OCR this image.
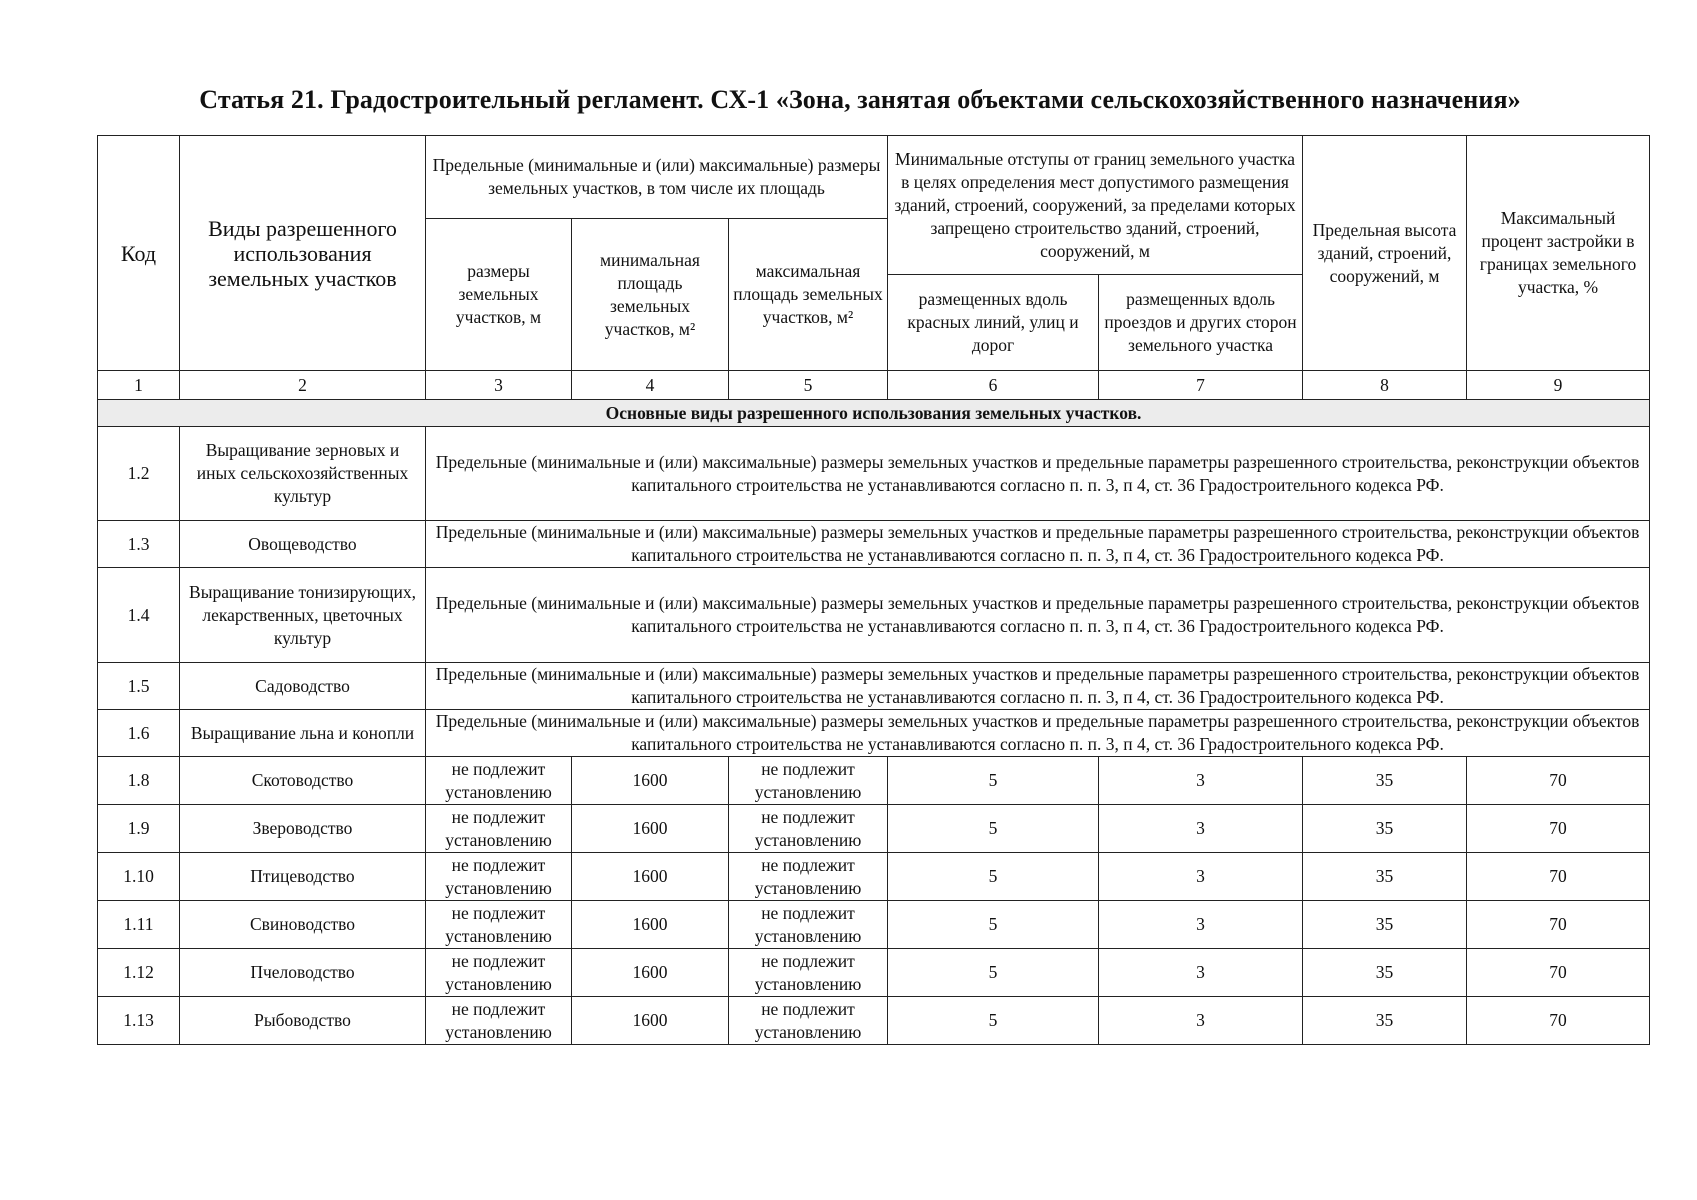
Статья 21. Градостроительный регламент. СХ-1 «Зона, занятая объектами сельскохозяйственного назначения»
Код	Виды разрешенного использования земельных участков	Предельные (минимальные и (или) максимальные) размеры земельных участков, в том числе их площадь			Минимальные отступы от границ земельного участка в целях определения мест допустимого размещения зданий, строений, сооружений, за пределами которых запрещено строительство зданий, строений, сооружений, м		Предельная высота зданий, строений, сооружений, м	Максимальный процент застройки в границах земельного участка, %
		размеры земельных участков, м	минимальная площадь земельных участков, м²	максимальная площадь земельных участков, м²				
					размещенных вдоль красных линий, улиц и дорог	размещенных вдоль проездов и других сторон земельного участка		
1	2	3	4	5	6	7	8	9
Основные виды разрешенного использования земельных участков.								
1.2	Выращивание зерновых и иных сельскохозяйственных культур	Предельные (минимальные и (или) максимальные) размеры земельных участков и предельные параметры разрешенного строительства, реконструкции объектов капитального строительства не устанавливаются согласно п. п. 3, п 4, ст. 36 Градостроительного кодекса РФ.						
1.3	Овощеводство	Предельные (минимальные и (или) максимальные) размеры земельных участков и предельные параметры разрешенного строительства, реконструкции объектов капитального строительства не устанавливаются согласно п. п. 3, п 4, ст. 36 Градостроительного кодекса РФ.						
1.4	Выращивание тонизирующих, лекарственных, цветочных культур	Предельные (минимальные и (или) максимальные) размеры земельных участков и предельные параметры разрешенного строительства, реконструкции объектов капитального строительства не устанавливаются согласно п. п. 3, п 4, ст. 36 Градостроительного кодекса РФ.						
1.5	Садоводство	Предельные (минимальные и (или) максимальные) размеры земельных участков и предельные параметры разрешенного строительства, реконструкции объектов капитального строительства не устанавливаются согласно п. п. 3, п 4, ст. 36 Градостроительного кодекса РФ.						
1.6	Выращивание льна и конопли	Предельные (минимальные и (или) максимальные) размеры земельных участков и предельные параметры разрешенного строительства, реконструкции объектов капитального строительства не устанавливаются согласно п. п. 3, п 4, ст. 36 Градостроительного кодекса РФ.						
1.8	Скотоводство	не подлежит установлению	1600	не подлежит установлению	5	3	35	70
1.9	Звероводство	не подлежит установлению	1600	не подлежит установлению	5	3	35	70
1.10	Птицеводство	не подлежит установлению	1600	не подлежит установлению	5	3	35	70
1.11	Свиноводство	не подлежит установлению	1600	не подлежит установлению	5	3	35	70
1.12	Пчеловодство	не подлежит установлению	1600	не подлежит установлению	5	3	35	70
1.13	Рыбоводство	не подлежит установлению	1600	не подлежит установлению	5	3	35	70
